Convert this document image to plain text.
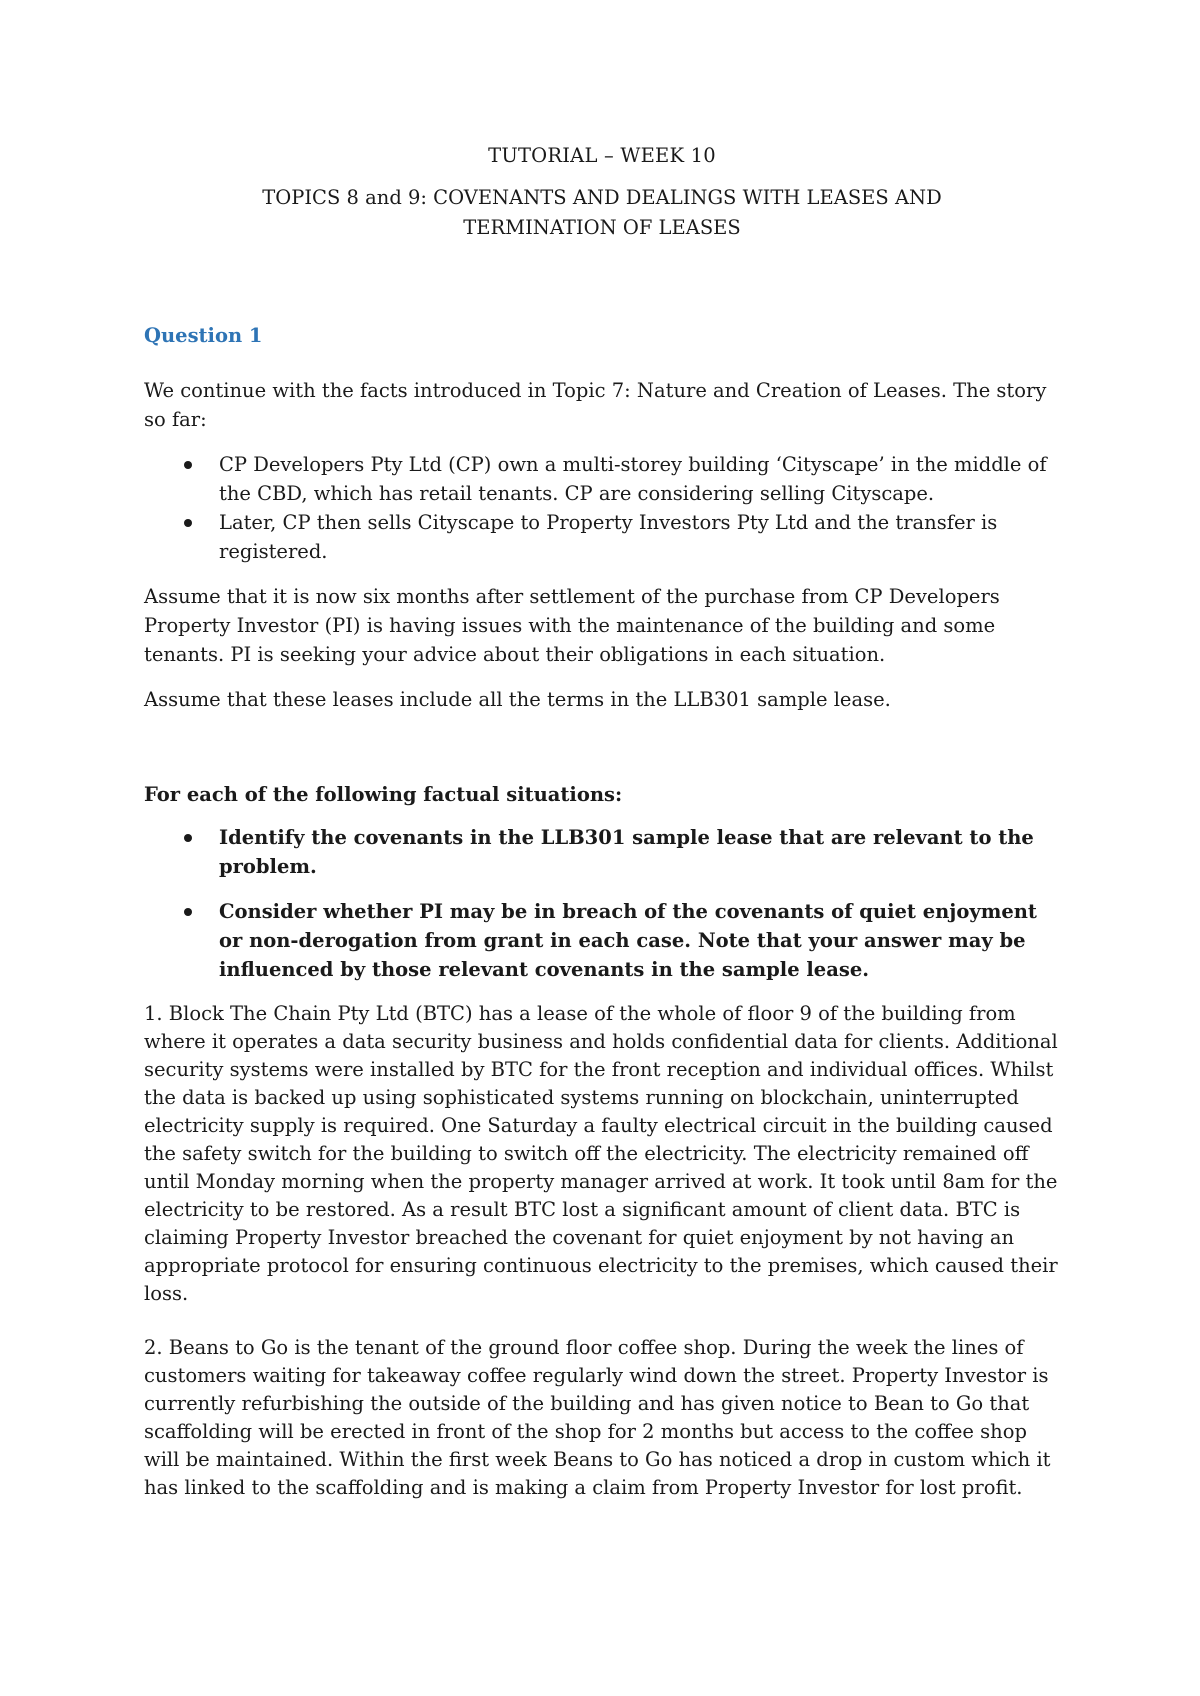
TUTORIAL – WEEK 10
TOPICS 8 and 9: COVENANTS AND DEALINGS WITH LEASES AND
TERMINATION OF LEASES
Question 1

We continue with the facts introduced in Topic 7: Nature and Creation of Leases. The story so far:

CP Developers Pty Ltd (CP) own a multi-storey building ‘Cityscape’ in the middle of the CBD, which has retail tenants. CP are considering selling Cityscape.
Later, CP then sells Cityscape to Property Investors Pty Ltd and the transfer is registered.

Assume that it is now six months after settlement of the purchase from CP Developers Property Investor (PI) is having issues with the maintenance of the building and some tenants. PI is seeking your advice about their obligations in each situation.

Assume that these leases include all the terms in the LLB301 sample lease.

For each of the following factual situations:

Identify the covenants in the LLB301 sample lease that are relevant to the problem.
Consider whether PI may be in breach of the covenants of quiet enjoyment or non-derogation from grant in each case. Note that your answer may be influenced by those relevant covenants in the sample lease.
1. Block The Chain Pty Ltd (BTC) has a lease of the whole of floor 9 of the building from where it operates a data security business and holds confidential data for clients. Additional security systems were installed by BTC for the front reception and individual offices. Whilst the data is backed up using sophisticated systems running on blockchain, uninterrupted electricity supply is required. One Saturday a faulty electrical circuit in the building caused the safety switch for the building to switch off the electricity. The electricity remained off until Monday morning when the property manager arrived at work. It took until 8am for the electricity to be restored. As a result BTC lost a significant amount of client data. BTC is claiming Property Investor breached the covenant for quiet enjoyment by not having an appropriate protocol for ensuring continuous electricity to the premises, which caused their loss.
2. Beans to Go is the tenant of the ground floor coffee shop. During the week the lines of customers waiting for takeaway coffee regularly wind down the street. Property Investor is currently refurbishing the outside of the building and has given notice to Bean to Go that scaffolding will be erected in front of the shop for 2 months but access to the coffee shop will be maintained. Within the first week Beans to Go has noticed a drop in custom which it has linked to the scaffolding and is making a claim from Property Investor for lost profit.
